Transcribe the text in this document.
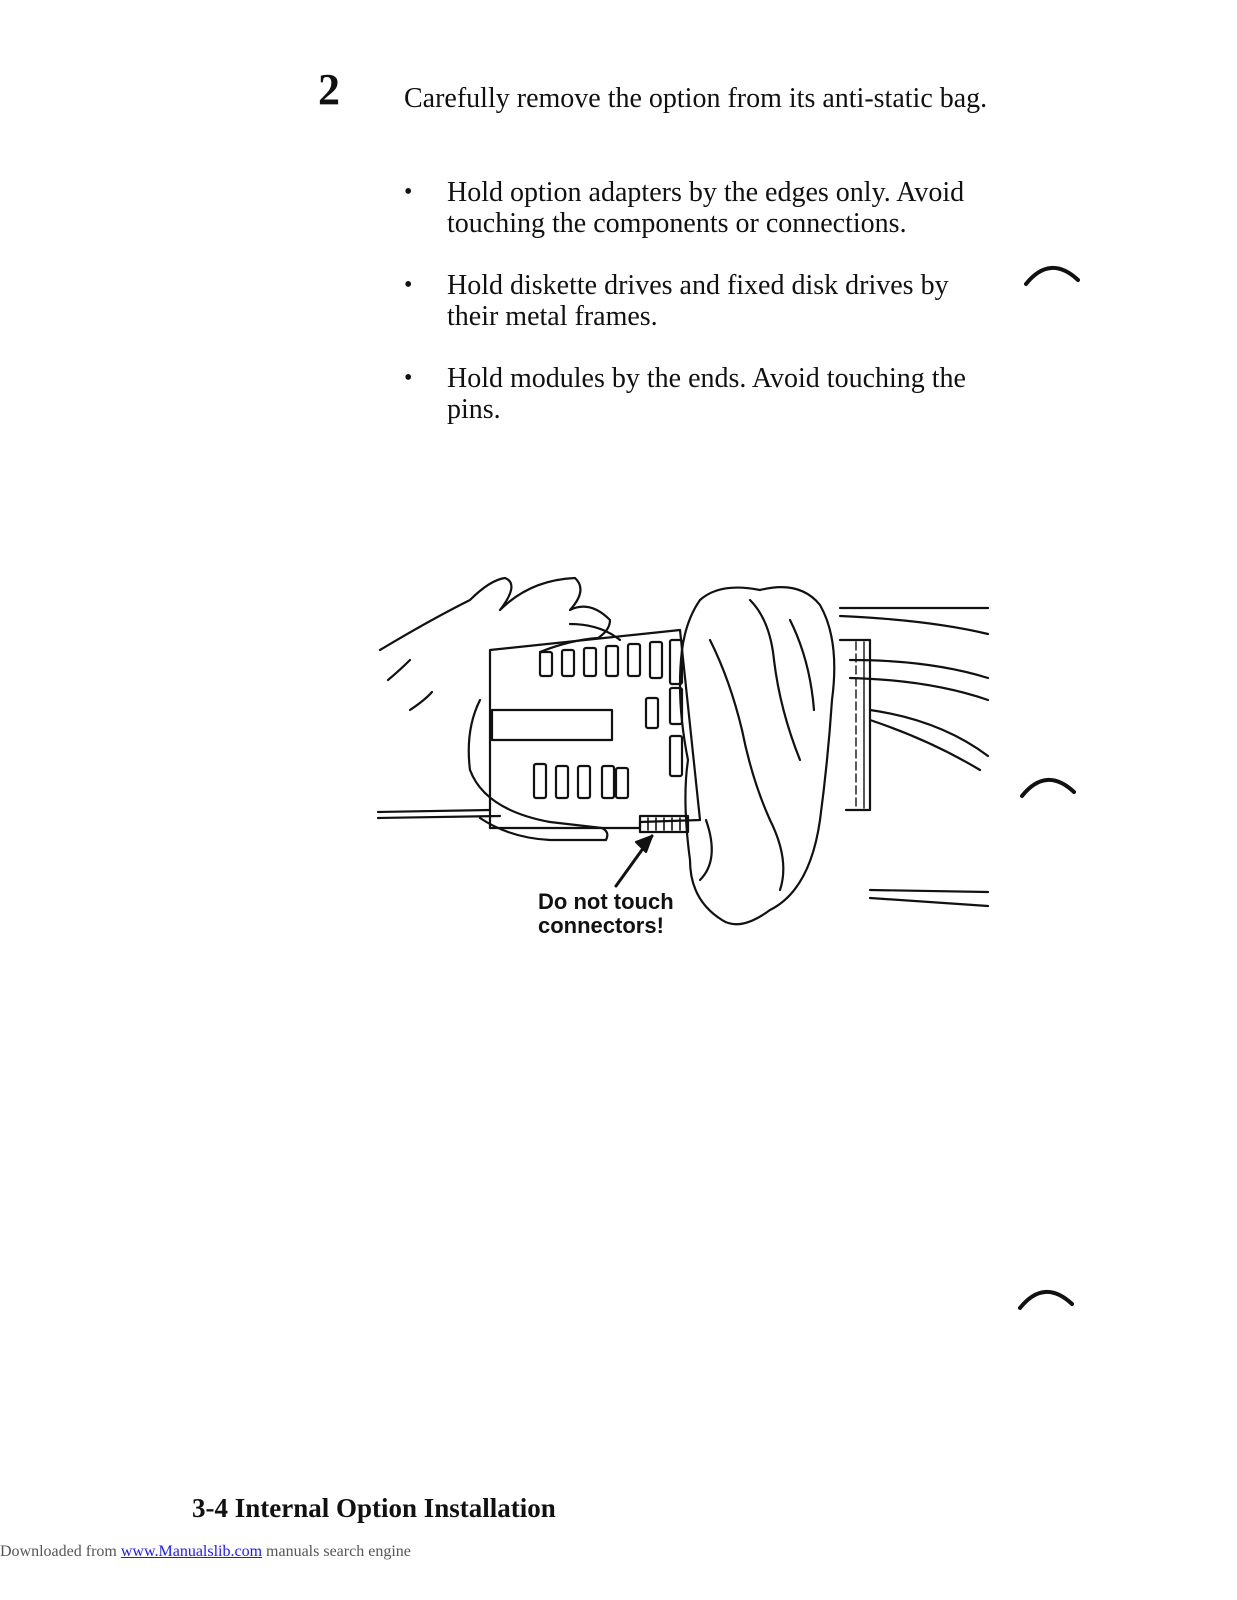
2 Carefully remove the option from its anti-static bag.
• Hold option adapters by the edges only. Avoid touching the components or connections.
• Hold diskette drives and fixed disk drives by their metal frames.
• Hold modules by the ends. Avoid touching the pins.
Do not touch
connectors!
3-4 Internal Option Installation
Downloaded from www.Manualslib.com manuals search engine
